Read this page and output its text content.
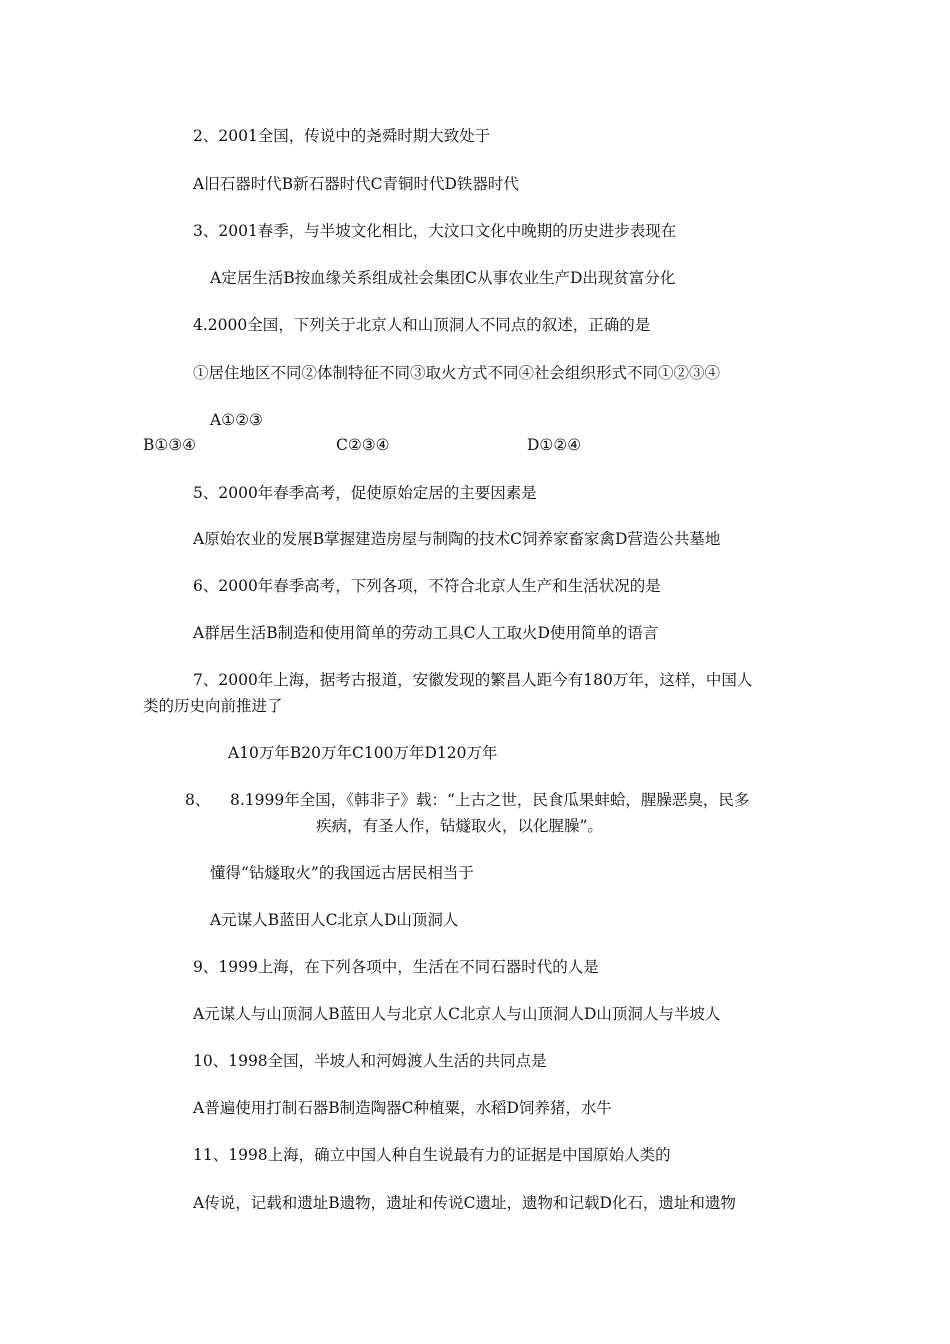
2、2001全国，传说中的尧舜时期大致处于
A旧石器时代B新石器时代C青铜时代D铁器时代
3、2001春季，与半坡文化相比，大汶口文化中晚期的历史进步表现在
A定居生活B按血缘关系组成社会集团C从事农业生产D出现贫富分化
4.2000全国，下列关于北京人和山顶洞人不同点的叙述，正确的是
①居住地区不同②体制特征不同③取火方式不同④社会组织形式不同①②③④
A①②③
B①③④	C②③④	D①②④
5、2000年春季高考，促使原始定居的主要因素是
A原始农业的发展B掌握建造房屋与制陶的技术C饲养家畜家禽D营造公共墓地
6、2000年春季高考，下列各项，不符合北京人生产和生活状况的是
A群居生活B制造和使用简单的劳动工具C人工取火D使用简单的语言
7、2000年上海，据考古报道，安徽发现的繁昌人距今有180万年，这样，中国人
类的历史向前推进了
A10万年B20万年C100万年D120万年
8、 8.1999年全国，《韩非子》载：“上古之世，民食瓜果蚌蛤，腥臊恶臭，民多
疾病，有圣人作，钻燧取火，以化腥臊”。
懂得“钻燧取火”的我国远古居民相当于
A元谋人B蓝田人C北京人D山顶洞人
9、1999上海，在下列各项中，生活在不同石器时代的人是
A元谋人与山顶洞人B蓝田人与北京人C北京人与山顶洞人D山顶洞人与半坡人
10、1998全国，半坡人和河姆渡人生活的共同点是
A普遍使用打制石器B制造陶器C种植粟，水稻D饲养猪，水牛
11、1998上海，确立中国人种自生说最有力的证据是中国原始人类的
A传说，记载和遗址B遗物，遗址和传说C遗址，遗物和记载D化石，遗址和遗物
